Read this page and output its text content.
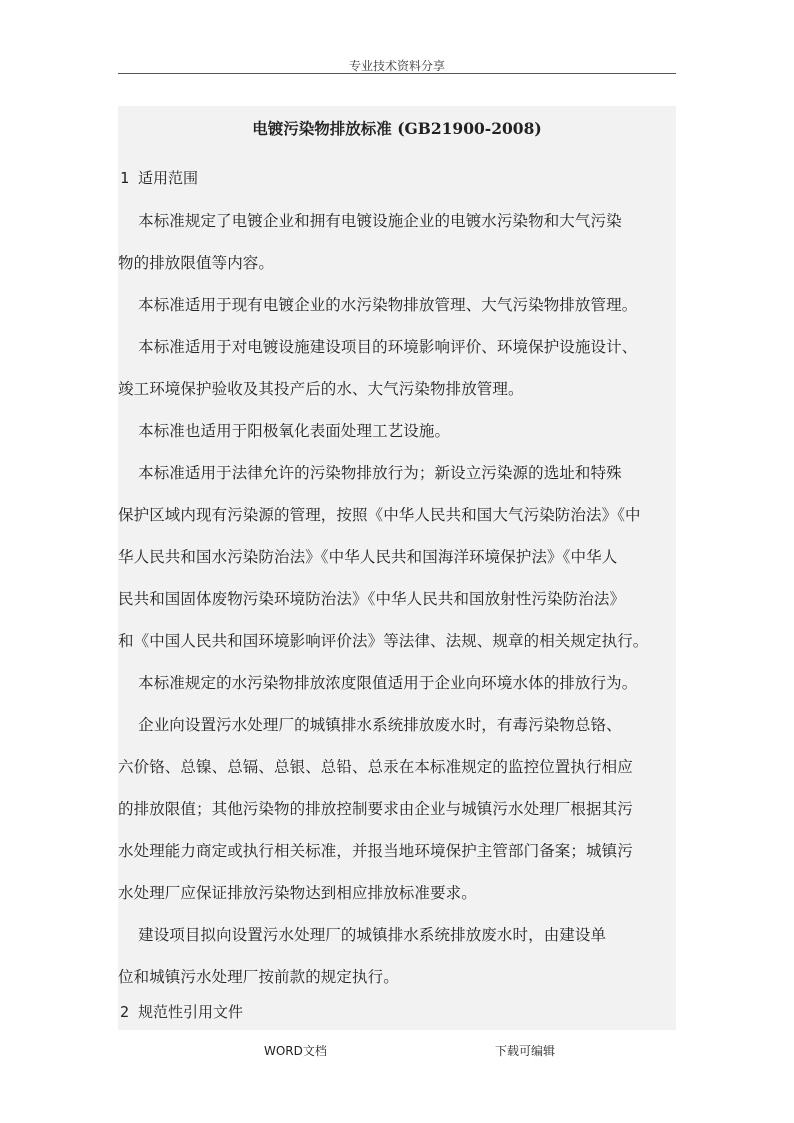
专业技术资料分享
电镀污染物排放标准 (GB21900-2008)
1 适用范围
本标准规定了电镀企业和拥有电镀设施企业的电镀水污染物和大气污染
物的排放限值等内容。
本标准适用于现有电镀企业的水污染物排放管理、大气污染物排放管理。
本标准适用于对电镀设施建设项目的环境影响评价、环境保护设施设计、
竣工环境保护验收及其投产后的水、大气污染物排放管理。
本标准也适用于阳极氧化表面处理工艺设施。
本标准适用于法律允许的污染物排放行为；新设立污染源的选址和特殊
保护区域内现有污染源的管理，按照《中华人民共和国大气污染防治法》《中
华人民共和国水污染防治法》《中华人民共和国海洋环境保护法》《中华人
民共和国固体废物污染环境防治法》《中华人民共和国放射性污染防治法》
和《中国人民共和国环境影响评价法》等法律、法规、规章的相关规定执行。
本标准规定的水污染物排放浓度限值适用于企业向环境水体的排放行为。
企业向设置污水处理厂的城镇排水系统排放废水时，有毒污染物总铬、
六价铬、总镍、总镉、总银、总铅、总汞在本标准规定的监控位置执行相应
的排放限值；其他污染物的排放控制要求由企业与城镇污水处理厂根据其污
水处理能力商定或执行相关标准，并报当地环境保护主管部门备案；城镇污
水处理厂应保证排放污染物达到相应排放标准要求。
建设项目拟向设置污水处理厂的城镇排水系统排放废水时，由建设单
位和城镇污水处理厂按前款的规定执行。
2 规范性引用文件
WORD文档	下载可编辑
